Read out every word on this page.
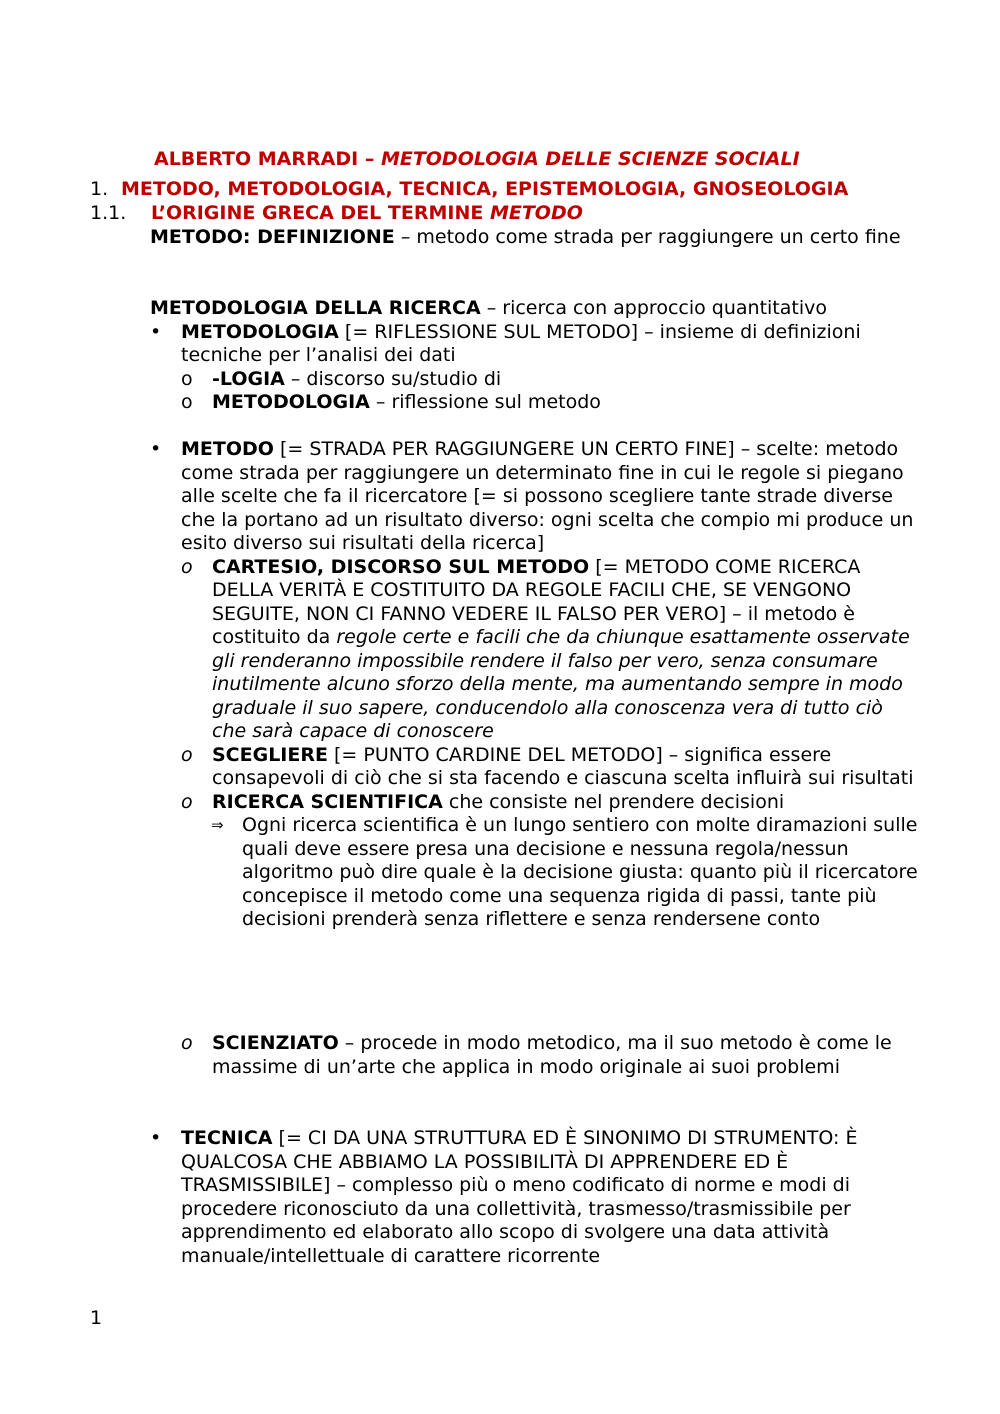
ALBERTO MARRADI – METODOLOGIA DELLE SCIENZE SOCIALI
1. METODO, METODOLOGIA, TECNICA, EPISTEMOLOGIA, GNOSEOLOGIA
1.1. L’ORIGINE GRECA DEL TERMINE METODO
METODO: DEFINIZIONE – metodo come strada per raggiungere un certo fine
METODOLOGIA DELLA RICERCA – ricerca con approccio quantitativo
•	METODOLOGIA [= RIFLESSIONE SUL METODO] – insieme di definizioni tecniche per l’analisi dei dati
o	-LOGIA – discorso su/studio di
o	METODOLOGIA – riflessione sul metodo
•	METODO [= STRADA PER RAGGIUNGERE UN CERTO FINE] – scelte: metodo come strada per raggiungere un determinato fine in cui le regole si piegano alle scelte che fa il ricercatore [= si possono scegliere tante strade diverse che la portano ad un risultato diverso: ogni scelta che compio mi produce un esito diverso sui risultati della ricerca]
o	CARTESIO, DISCORSO SUL METODO [= METODO COME RICERCA DELLA VERITÀ E COSTITUITO DA REGOLE FACILI CHE, SE VENGONO SEGUITE, NON CI FANNO VEDERE IL FALSO PER VERO] – il metodo è costituito da regole certe e facili che da chiunque esattamente osservate gli renderanno impossibile rendere il falso per vero, senza consumare inutilmente alcuno sforzo della mente, ma aumentando sempre in modo graduale il suo sapere, conducendolo alla conoscenza vera di tutto ciò che sarà capace di conoscere
o	SCEGLIERE [= PUNTO CARDINE DEL METODO] – significa essere consapevoli di ciò che si sta facendo e ciascuna scelta influirà sui risultati
o	RICERCA SCIENTIFICA che consiste nel prendere decisioni
⇒ Ogni ricerca scientifica è un lungo sentiero con molte diramazioni sulle quali deve essere presa una decisione e nessuna regola/nessun algoritmo può dire quale è la decisione giusta: quanto più il ricercatore concepisce il metodo come una sequenza rigida di passi, tante più decisioni prenderà senza riflettere e senza rendersene conto
o	SCIENZIATO – procede in modo metodico, ma il suo metodo è come le massime di un’arte che applica in modo originale ai suoi problemi
•	TECNICA [= CI DA UNA STRUTTURA ED È SINONIMO DI STRUMENTO: È QUALCOSA CHE ABBIAMO LA POSSIBILITÀ DI APPRENDERE ED È TRASMISSIBILE] – complesso più o meno codificato di norme e modi di procedere riconosciuto da una collettività, trasmesso/trasmissibile per apprendimento ed elaborato allo scopo di svolgere una data attività manuale/intellettuale di carattere ricorrente
1
